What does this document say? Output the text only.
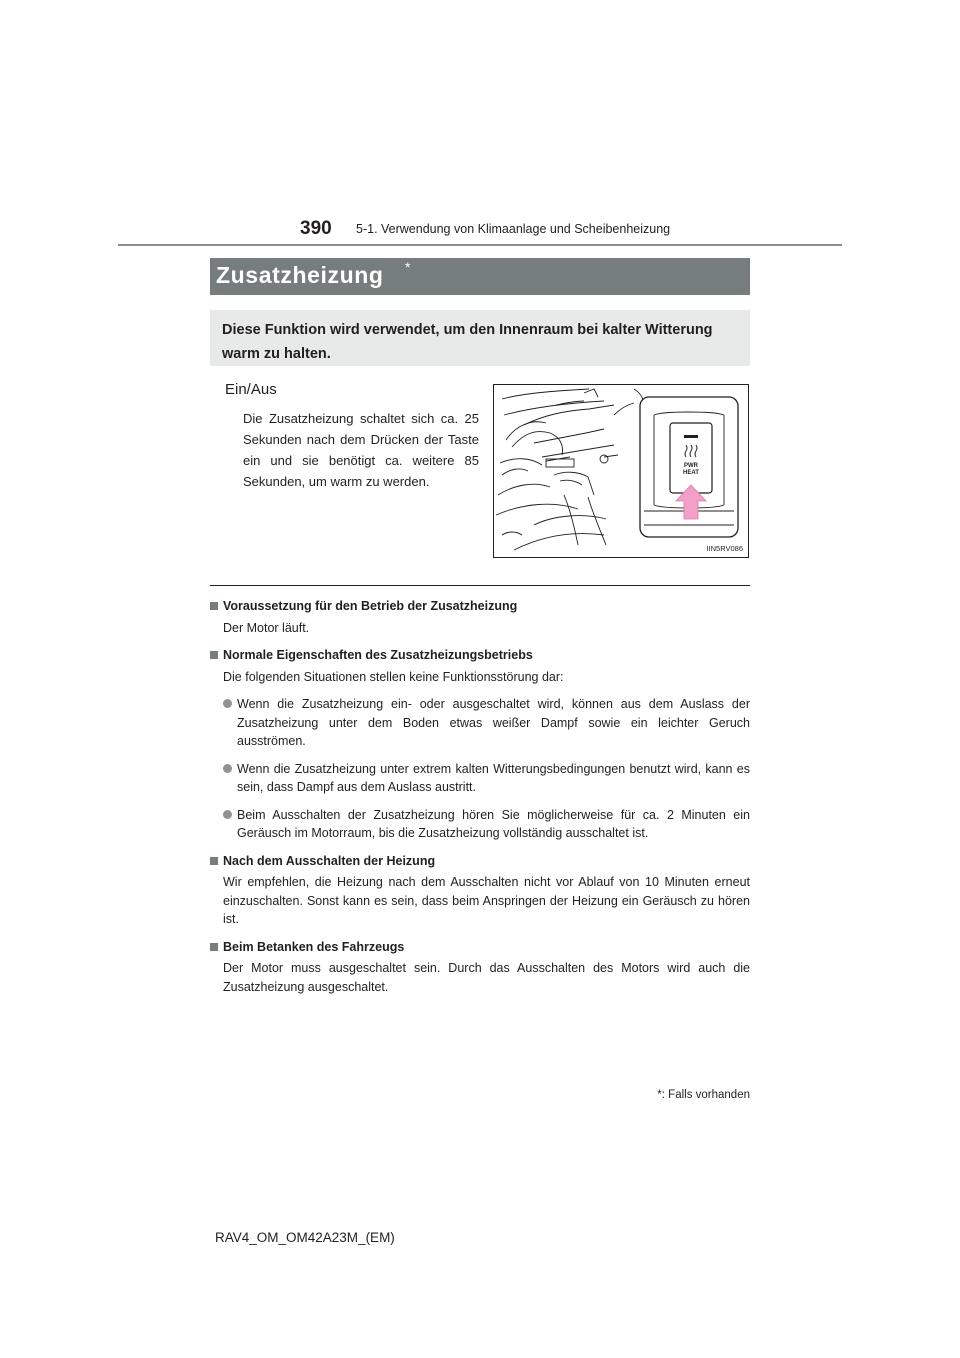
390 5-1. Verwendung von Klimaanlage und Scheibenheizung
Zusatzheizung *
Diese Funktion wird verwendet, um den Innenraum bei kalter Witterung warm zu halten.
Ein/Aus
Die Zusatzheizung schaltet sich ca. 25 Sekunden nach dem Drücken der Taste ein und sie benötigt ca. weitere 85 Sekunden, um warm zu werden.
PWR
HEAT
IIN5RV086

Voraussetzung für den Betrieb der Zusatzheizung

Der Motor läuft.

Normale Eigenschaften des Zusatzheizungsbetriebs

Die folgenden Situationen stellen keine Funktionsstörung dar:

Wenn die Zusatzheizung ein- oder ausgeschaltet wird, können aus dem Auslass der Zusatzheizung unter dem Boden etwas weißer Dampf sowie ein leichter Geruch ausströmen.

Wenn die Zusatzheizung unter extrem kalten Witterungsbedingungen benutzt wird, kann es sein, dass Dampf aus dem Auslass austritt.

Beim Ausschalten der Zusatzheizung hören Sie möglicherweise für ca. 2 Minuten ein Geräusch im Motorraum, bis die Zusatzheizung vollständig ausschaltet ist.

Nach dem Ausschalten der Heizung

Wir empfehlen, die Heizung nach dem Ausschalten nicht vor Ablauf von 10 Minuten erneut einzuschalten. Sonst kann es sein, dass beim Anspringen der Heizung ein Geräusch zu hören ist.

Beim Betanken des Fahrzeugs

Der Motor muss ausgeschaltet sein. Durch das Ausschalten des Motors wird auch die Zusatzheizung ausgeschaltet.

*: Falls vorhanden
RAV4_OM_OM42A23M_(EM)
